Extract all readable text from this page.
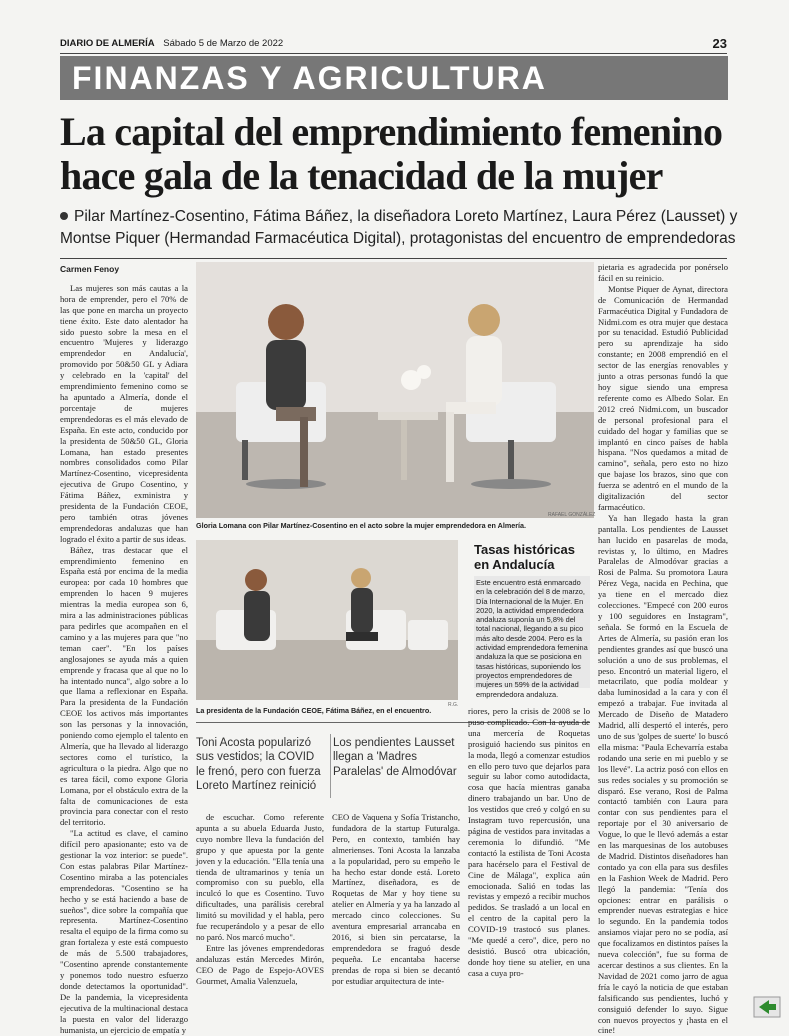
DIARIO DE ALMERÍA Sábado 5 de Marzo de 2022	23
FINANZAS Y AGRICULTURA
La capital del emprendimiento femenino hace gala de la tenacidad de la mujer
Pilar Martínez-Cosentino, Fátima Báñez, la diseñadora Loreto Martínez, Laura Pérez (Lausset) y Montse Piquer (Hermandad Farmacéutica Digital), protagonistas del encuentro de emprendedoras

Carmen Fenoy

Las mujeres son más cautas a la hora de emprender, pero el 70% de las que pone en marcha un proyecto tiene éxito. Este dato alentador ha sido puesto sobre la mesa en el encuentro 'Mujeres y liderazgo emprendedor en Andalucía', promovido por 50&50 GL y Adiara y celebrado en la 'capital' del emprendimiento femenino como se ha apuntado a Almería, donde el porcentaje de mujeres emprendedoras es el más elevado de España. En este acto, conducido por la presidenta de 50&50 GL, Gloria Lomana, han estado presentes nombres consolidados como Pilar Martínez-Cosentino, vicepresidenta ejecutiva de Grupo Cosentino, y Fátima Báñez, exministra y presidenta de la Fundación CEOE, pero también otras jóvenes emprendedoras andaluzas que han logrado el éxito a partir de sus ideas.

Báñez, tras destacar que el emprendimiento femenino en España está por encima de la media europea: por cada 10 hombres que emprenden lo hacen 9 mujeres mientras la media europea son 6, mira a las administraciones públicas para pedirles que acompañen en el camino y a las mujeres para que "no teman caer". "En los países anglosajones se ayuda más a quien emprende y fracasa que al que no lo ha intentado nunca", algo sobre a lo que llama a reflexionar en España. Para la presidenta de la Fundación CEOE los activos más importantes son las personas y la innovación, poniendo como ejemplo el talento en Almería, que ha llevado al liderazgo sectores como el turístico, la agricultura o la piedra. Algo que no es tarea fácil, como expone Gloria Lomana, por el obstáculo extra de la falta de comunicaciones de esta provincia para conectar con el resto del territorio.

"La actitud es clave, el camino difícil pero apasionante; esto va de gestionar la voz interior: se puede". Con estas palabras Pilar Martínez-Cosentino miraba a las potenciales emprendedoras. "Cosentino se ha hecho y se está haciendo a base de sueños", dice sobre la compañía que representa. Martínez-Cosentino resalta el equipo de la firma como su gran fortaleza y este está compuesto de más de 5.500 trabajadores, "Cosentino aprende constantemente y ponemos todo nuestro esfuerzo donde detectamos la oportunidad". De la pandemia, la vicepresidenta ejecutiva de la multinacional destaca la puesta en valor del liderazgo humanista, un ejercicio de empatía y

RAFAEL GONZÁLEZ
Gloria Lomana con Pilar Martínez-Cosentino en el acto sobre la mujer emprendedora en Almería.
R.G.
La presidenta de la Fundación CEOE, Fátima Báñez, en el encuentro.
Tasas históricas en Andalucía
Este encuentro está enmarcado en la celebración del 8 de marzo, Día Internacional de la Mujer. En 2020, la actividad emprendedora andaluza suponía un 5,8% del total nacional, llegando a su pico más alto desde 2004. Pero es la actividad emprendedora femenina andaluza la que se posiciona en tasas históricas, suponiendo los proyectos emprendedores de mujeres un 59% de la actividad emprendedora andaluza.
Toni Acosta popularizó sus vestidos; la COVID le frenó, pero con fuerza Loreto Martínez reinició
Los pendientes Lausset llegan a 'Madres Paralelas' de Almodóvar

de escuchar. Como referente apunta a su abuela Eduarda Justo, cuyo nombre lleva la fundación del grupo y que apuesta por la gente joven y la educación. "Ella tenía una tienda de ultramarinos y tenía un compromiso con su pueblo, ella inculcó lo que es Cosentino. Tuvo dificultades, una parálisis cerebral limitó su movilidad y el habla, pero fue recuperándolo y a pesar de ello no paró. Nos marcó mucho".

Entre las jóvenes emprendedoras andaluzas están Mercedes Mirón, CEO de Pago de Espejo-AOVES Gourmet, Amalia Valenzuela,

CEO de Vaquena y Sofía Tristancho, fundadora de la startup Futuralga. Pero, en contexto, también hay almerienses. Toni Acosta la lanzaba a la popularidad, pero su empeño le ha hecho estar donde está. Loreto Martínez, diseñadora, es de Roquetas de Mar y hoy tiene su atelier en Almería y ya ha lanzado al mercado cinco colecciones. Su aventura empresarial arrancaba en 2016, si bien sin percatarse, la emprendedora se fraguó desde pequeña. Le encantaba hacerse prendas de ropa si bien se decantó por estudiar arquitectura de inte-

riores, pero la crisis de 2008 se lo puso complicado. Con la ayuda de una mercería de Roquetas prosiguió haciendo sus pinitos en la moda, llegó a comenzar estudios en ello pero tuvo que dejarlos para seguir su labor como autodidacta, cosa que hacía mientras ganaba dinero trabajando un bar. Uno de los vestidos que creó y colgó en su Instagram tuvo repercusión, una página de vestidos para invitadas a ceremonia lo difundió. "Me contactó la estilista de Toni Acosta para hacérselo para el Festival de Cine de Málaga", explica aún emocionada. Salió en todas las revistas y empezó a recibir muchos pedidos. Se trasladó a un local en el centro de la capital pero la COVID-19 trastocó sus planes. "Me quedé a cero", dice, pero no desistió. Buscó otra ubicación, donde hoy tiene su atelier, en una casa a cuya pro-

pietaria es agradecida por ponérselo fácil en su reinicio.

Montse Piquer de Aynat, directora de Comunicación de Hermandad Farmacéutica Digital y Fundadora de Nidmi.com es otra mujer que destaca por su tenacidad. Estudió Publicidad pero su aprendizaje ha sido constante; en 2008 emprendió en el sector de las energías renovables y junto a otras personas fundó la que hoy sigue siendo una empresa referente como es Albedo Solar. En 2012 creó Nidmi.com, un buscador de personal profesional para el cuidado del hogar y familias que se implantó en cinco países de habla hispana. "Nos quedamos a mitad de camino", señala, pero esto no hizo que bajase los brazos, sino que con fuerza se adentró en el mundo de la digitalización del sector farmacéutico.

Ya han llegado hasta la gran pantalla. Los pendientes de Lausset han lucido en pasarelas de moda, revistas y, lo último, en Madres Paralelas de Almodóvar gracias a Rosi de Palma. Su promotora Laura Pérez Vega, nacida en Pechina, que ya tiene en el mercado diez colecciones. "Empecé con 200 euros y 100 seguidores en Instagram", señala. Se formó en la Escuela de Artes de Almería, su pasión eran los pendientes grandes así que buscó una solución a uno de sus problemas, el peso. Encontró un material ligero, el metacrilato, que podía moldear y daba luminosidad a la cara y con él empezó a trabajar. Fue invitada al Mercado de Diseño de Matadero Madrid, allí despertó el interés, pero uno de sus 'golpes de suerte' lo buscó ella misma: "Paula Echevarría estaba rodando una serie en mi pueblo y se los llevé". La actriz posó con ellos en sus redes sociales y su promoción se disparó. Ese verano, Rosi de Palma contactó también con Laura para contar con sus pendientes para el reportaje por el 30 aniversario de Vogue, lo que le llevó además a estar en las marquesinas de los autobuses de Madrid. Distintos diseñadores han contado ya con ella para sus desfiles en la Fashion Week de Madrid. Pero llegó la pandemia: "Tenía dos opciones: entrar en parálisis o emprender nuevas estrategias e hice lo segundo. En la pandemia todos ansiamos viajar pero no se podía, así que focalizamos en distintos países la nueva colección", fue su forma de acercar destinos a sus clientes. En la Navidad de 2021 como jarro de agua fría le cayó la noticia de que estaban falsificando sus pendientes, luchó y consiguió defender lo suyo. Sigue con nuevos proyectos y ¡hasta en el cine!
